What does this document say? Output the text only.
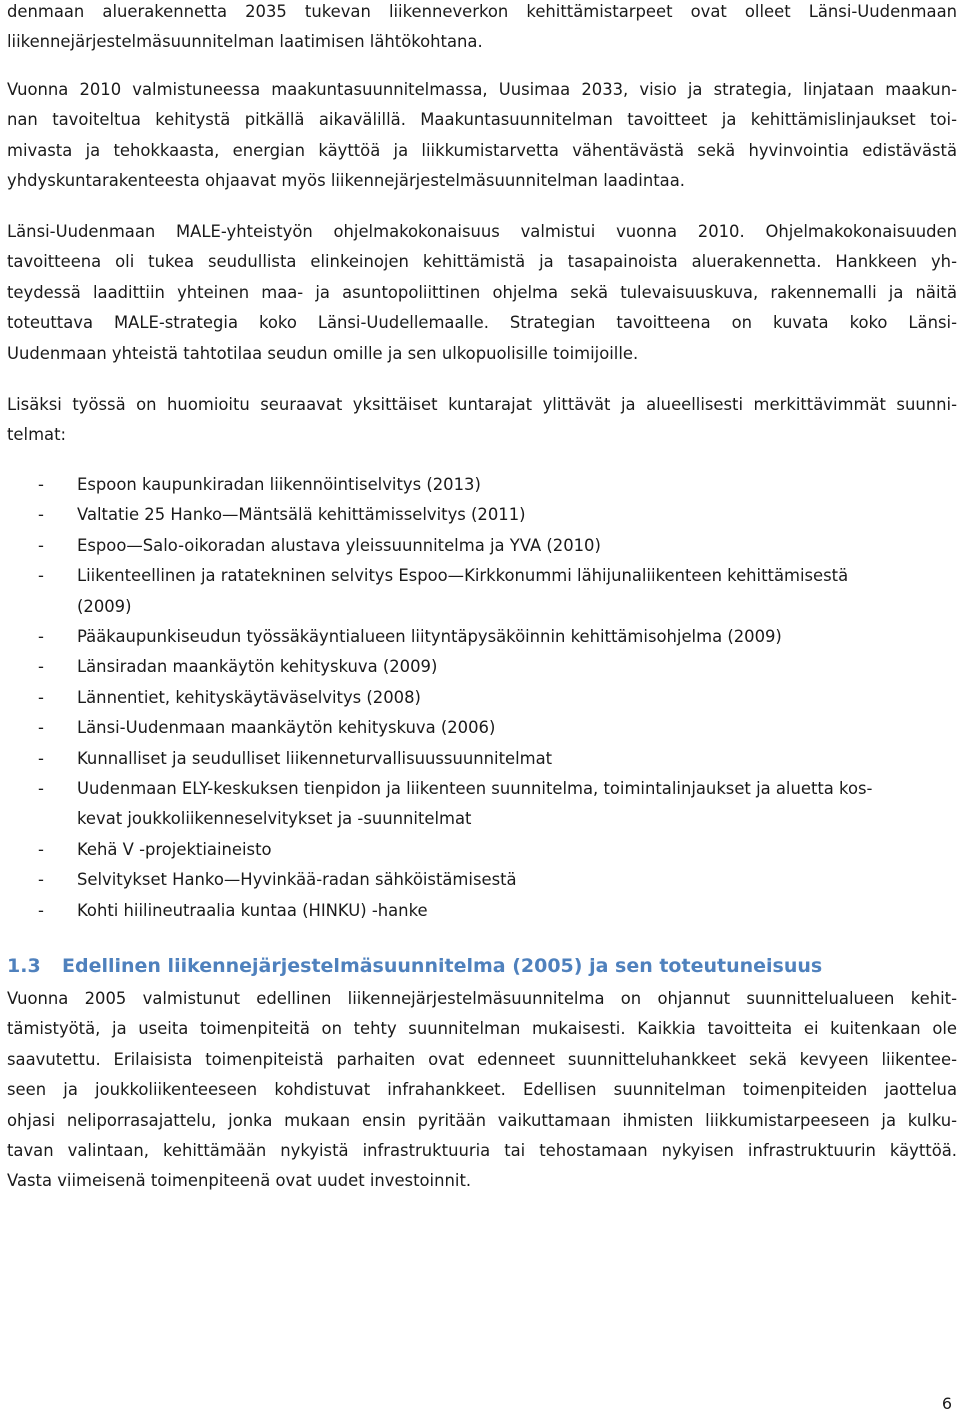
denmaan aluerakennetta 2035 tukevan liikenneverkon kehittämistarpeet ovat olleet Länsi-Uudenmaan
liikennejärjestelmäsuunnitelman laatimisen lähtökohtana.

Vuonna 2010 valmistuneessa maakuntasuunnitelmassa, Uusimaa 2033, visio ja strategia, linjataan maakun-
nan tavoiteltua kehitystä pitkällä aikavälillä. Maakuntasuunnitelman tavoitteet ja kehittämislinjaukset toi-
mivasta ja tehokkaasta, energian käyttöä ja liikkumistarvetta vähentävästä sekä hyvinvointia edistävästä
yhdyskuntarakenteesta ohjaavat myös liikennejärjestelmäsuunnitelman laadintaa.

Länsi-Uudenmaan MALE-yhteistyön ohjelmakokonaisuus valmistui vuonna 2010. Ohjelmakokonaisuuden
tavoitteena oli tukea seudullista elinkeinojen kehittämistä ja tasapainoista aluerakennetta. Hankkeen yh-
teydessä laadittiin yhteinen maa- ja asuntopoliittinen ohjelma sekä tulevaisuuskuva, rakennemalli ja näitä
toteuttava MALE-strategia koko Länsi-Uudellemaalle. Strategian tavoitteena on kuvata koko Länsi-
Uudenmaan yhteistä tahtotilaa seudun omille ja sen ulkopuolisille toimijoille.

Lisäksi työssä on huomioitu seuraavat yksittäiset kuntarajat ylittävät ja alueellisesti merkittävimmät suunni-
telmat:

- Espoon kaupunkiradan liikennöintiselvitys (2013)
- Valtatie 25 Hanko—Mäntsälä kehittämisselvitys (2011)
- Espoo—Salo-oikoradan alustava yleissuunnitelma ja YVA (2010)
- Liikenteellinen ja ratatekninen selvitys Espoo—Kirkkonummi lähijunaliikenteen kehittämisestä
(2009)
- Pääkaupunkiseudun työssäkäyntialueen liityntäpysäköinnin kehittämisohjelma (2009)
- Länsiradan maankäytön kehityskuva (2009)
- Lännentiet, kehityskäytäväselvitys (2008)
- Länsi-Uudenmaan maankäytön kehityskuva (2006)
- Kunnalliset ja seudulliset liikenneturvallisuussuunnitelmat
- Uudenmaan ELY-keskuksen tienpidon ja liikenteen suunnitelma, toimintalinjaukset ja aluetta kos-
kevat joukkoliikenneselvitykset ja -suunnitelmat
- Kehä V -projektiaineisto
- Selvitykset Hanko—Hyvinkää-radan sähköistämisestä
- Kohti hiilineutraalia kuntaa (HINKU) -hanke
1.3 Edellinen liikennejärjestelmäsuunnitelma (2005) ja sen toteutuneisuus

Vuonna 2005 valmistunut edellinen liikennejärjestelmäsuunnitelma on ohjannut suunnittelualueen kehit-
tämistyötä, ja useita toimenpiteitä on tehty suunnitelman mukaisesti. Kaikkia tavoitteita ei kuitenkaan ole
saavutettu. Erilaisista toimenpiteistä parhaiten ovat edenneet suunnitteluhankkeet sekä kevyeen liikentee-
seen ja joukkoliikenteeseen kohdistuvat infrahankkeet. Edellisen suunnitelman toimenpiteiden jaottelua
ohjasi neliporrasajattelu, jonka mukaan ensin pyritään vaikuttamaan ihmisten liikkumistarpeeseen ja kulku-
tavan valintaan, kehittämään nykyistä infrastruktuuria tai tehostamaan nykyisen infrastruktuurin käyttöä.
Vasta viimeisenä toimenpiteenä ovat uudet investoinnit.

6
